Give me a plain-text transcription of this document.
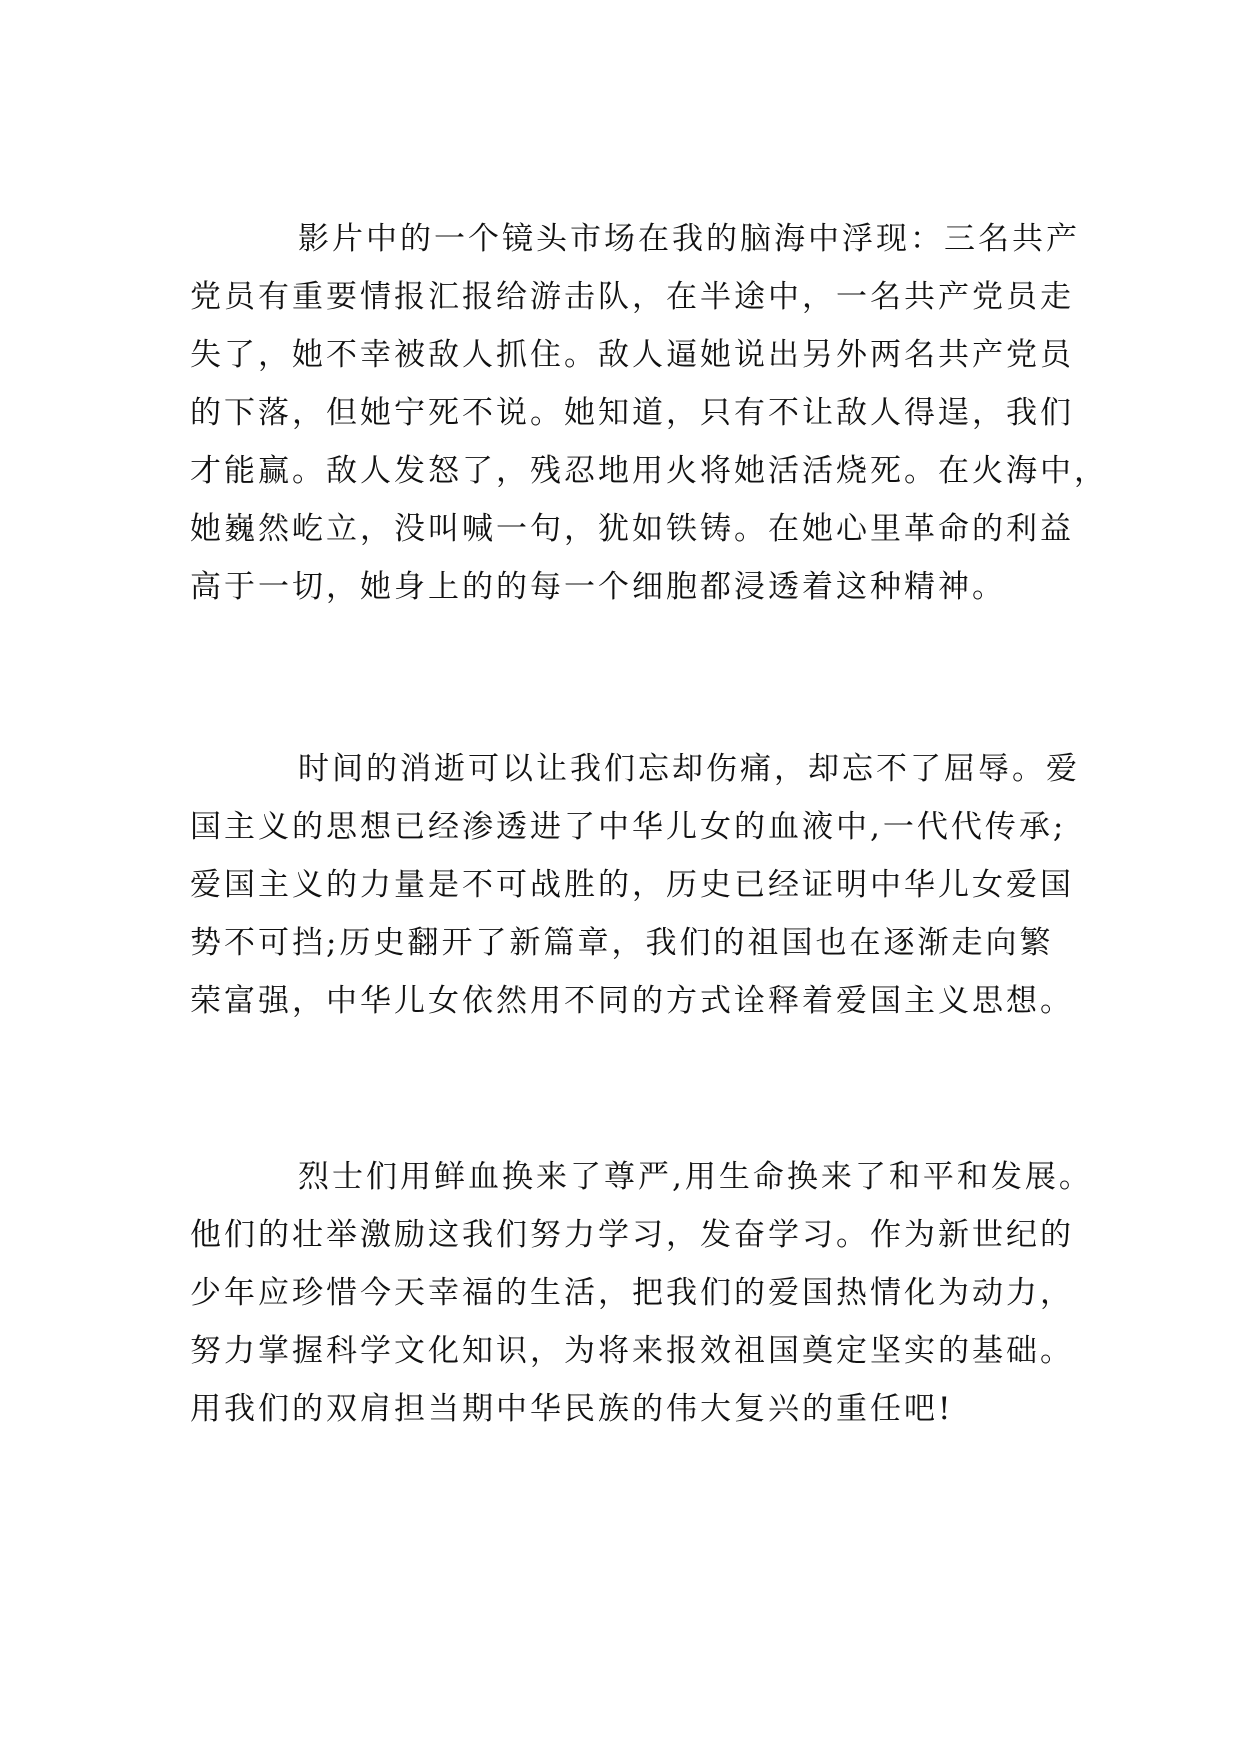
影片中的一个镜头市场在我的脑海中浮现：三名共产
党员有重要情报汇报给游击队，在半途中，一名共产党员走
失了，她不幸被敌人抓住。敌人逼她说出另外两名共产党员
的下落，但她宁死不说。她知道，只有不让敌人得逞，我们
才能赢。敌人发怒了，残忍地用火将她活活烧死。在火海中，
她巍然屹立，没叫喊一句，犹如铁铸。在她心里革命的利益
高于一切，她身上的的每一个细胞都浸透着这种精神。
时间的消逝可以让我们忘却伤痛，却忘不了屈辱。爱
国主义的思想已经渗透进了中华儿女的血液中,一代代传承;
爱国主义的力量是不可战胜的，历史已经证明中华儿女爱国
势不可挡;历史翻开了新篇章，我们的祖国也在逐渐走向繁
荣富强，中华儿女依然用不同的方式诠释着爱国主义思想。
烈士们用鲜血换来了尊严,用生命换来了和平和发展。
他们的壮举激励这我们努力学习，发奋学习。作为新世纪的
少年应珍惜今天幸福的生活，把我们的爱国热情化为动力，
努力掌握科学文化知识，为将来报效祖国奠定坚实的基础。
用我们的双肩担当期中华民族的伟大复兴的重任吧!
